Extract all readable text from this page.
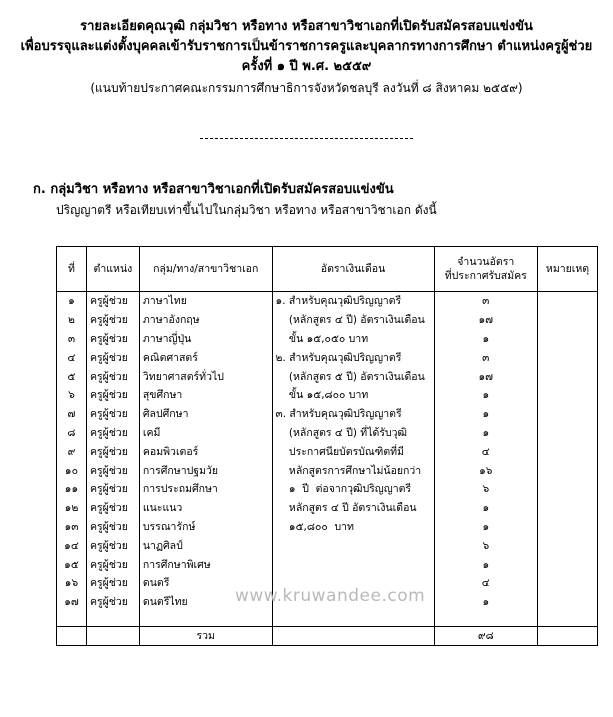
รายละเอียดคุณวุฒิ กลุ่มวิชา หรือทาง หรือสาขาวิชาเอกที่เปิดรับสมัครสอบแข่งขัน
เพื่อบรรจุและแต่งตั้งบุคคลเข้ารับราชการเป็นข้าราชการครูและบุคลากรทางการศึกษา ตำแหน่งครูผู้ช่วย
ครั้งที่ ๑ ปี พ.ศ. ๒๕๕๙
(แนบท้ายประกาศคณะกรรมการศึกษาธิการจังหวัดชลบุรี ลงวันที่ ๘ สิงหาคม ๒๕๕๙)
ก. กลุ่มวิชา หรือทาง หรือสาขาวิชาเอกที่เปิดรับสมัครสอบแข่งขัน
ปริญญาตรี หรือเทียบเท่าขึ้นไปในกลุ่มวิชา หรือทาง หรือสาขาวิชาเอก ดังนี้
ที่	ตำแหน่ง	กลุ่ม/ทาง/สาขาวิชาเอก	อัตราเงินเดือน	จำนวนอัตรา
ที่ประกาศรับสมัคร	หมายเหตุ
๑	ครูผู้ช่วย	ภาษาไทย	๑. สำหรับคุณวุฒิปริญญาตรี	๓	
๒	ครูผู้ช่วย	ภาษาอังกฤษ	(หลักสูตร ๔ ปี) อัตราเงินเดือน	๑๗	
๓	ครูผู้ช่วย	ภาษาญี่ปุ่น	ขั้น ๑๕,๐๕๐ บาท	๑	
๔	ครูผู้ช่วย	คณิตศาสตร์	๒. สำหรับคุณวุฒิปริญญาตรี	๓	
๕	ครูผู้ช่วย	วิทยาศาสตร์ทั่วไป	(หลักสูตร ๕ ปี) อัตราเงินเดือน	๑๗	
๖	ครูผู้ช่วย	สุขศึกษา	ขั้น ๑๕,๘๐๐ บาท	๑	
๗	ครูผู้ช่วย	ศิลปศึกษา	๓. สำหรับคุณวุฒิปริญญาตรี	๑	
๘	ครูผู้ช่วย	เคมี	(หลักสูตร ๔ ปี) ที่ได้รับวุฒิ	๑	
๙	ครูผู้ช่วย	คอมพิวเตอร์	ประกาศนียบัตรบัณฑิตที่มี	๔	
๑๐	ครูผู้ช่วย	การศึกษาปฐมวัย	หลักสูตรการศึกษาไม่น้อยกว่า	๑๖	
๑๑	ครูผู้ช่วย	การประถมศึกษา	๑  ปี  ต่อจากวุฒิปริญญาตรี	๖	
๑๒	ครูผู้ช่วย	แนะแนว	หลักสูตร ๔ ปี อัตราเงินเดือน	๑	
๑๓	ครูผู้ช่วย	บรรณารักษ์	๑๕,๘๐๐  บาท	๑	
๑๔	ครูผู้ช่วย	นาฏศิลป์		๖	
๑๕	ครูผู้ช่วย	การศึกษาพิเศษ		๑	
๑๖	ครูผู้ช่วย	ดนตรี		๔	
๑๗	ครูผู้ช่วย	ดนตรีไทย		๑	

		รวม		๙๘	
www.kruwandee.com
